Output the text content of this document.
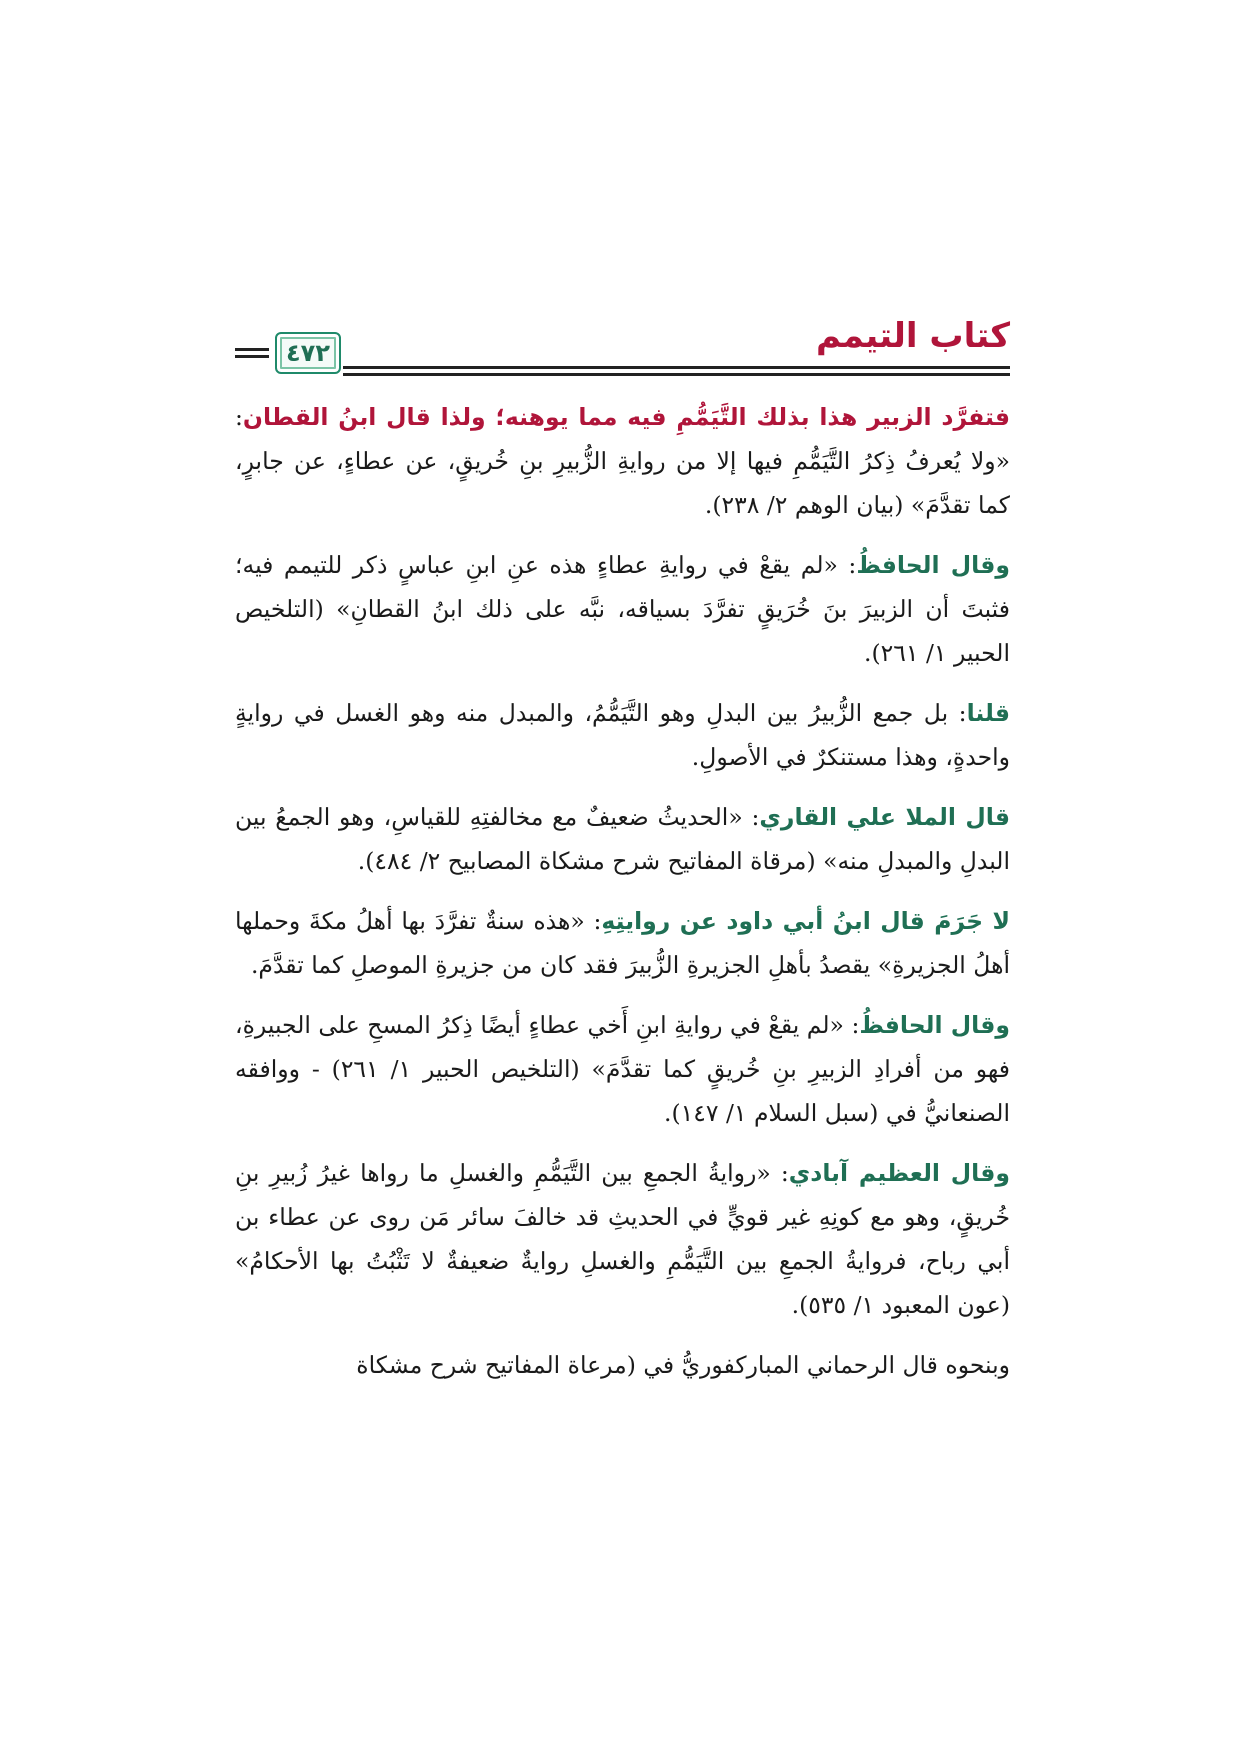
كتاب التيمم
٤٧٢

فتفرَّد الزبير هذا بذلك التَّيَمُّمِ فيه مما يوهنه؛ ولذا قال ابنُ القطان: «ولا يُعرفُ ذِكرُ التَّيَمُّمِ فيها إلا من روايةِ الزُّبيرِ بنِ خُريقٍ، عن عطاءٍ، عن جابرٍ، كما تقدَّمَ» (بيان الوهم ٢/ ٢٣٨).

وقال الحافظُ: «لم يقعْ في روايةِ عطاءٍ هذه عنِ ابنِ عباسٍ ذكر للتيمم فيه؛ فثبتَ أن الزبيرَ بنَ خُرَيقٍ تفرَّدَ بسياقه، نبَّه على ذلك ابنُ القطانِ» (التلخيص الحبير ١/ ٢٦١).

قلنا: بل جمع الزُّبيرُ بين البدلِ وهو التَّيَمُّمُ، والمبدل منه وهو الغسل في روايةٍ واحدةٍ، وهذا مستنكرٌ في الأصولِ.

قال الملا علي القاري: «الحديثُ ضعيفٌ مع مخالفتِهِ للقياسِ، وهو الجمعُ بين البدلِ والمبدلِ منه» (مرقاة المفاتيح شرح مشكاة المصابيح ٢/ ٤٨٤).

لا جَرَمَ قال ابنُ أبي داود عن روايتِهِ: «هذه سنةٌ تفرَّدَ بها أهلُ مكةَ وحملها أهلُ الجزيرةِ» يقصدُ بأهلِ الجزيرةِ الزُّبيرَ فقد كان من جزيرةِ الموصلِ كما تقدَّمَ.

وقال الحافظُ: «لم يقعْ في روايةِ ابنِ أَخي عطاءٍ أيضًا ذِكرُ المسحِ على الجبيرةِ، فهو من أفرادِ الزبيرِ بنِ خُريقٍ كما تقدَّمَ» (التلخيص الحبير ١/ ٢٦١) - ووافقه الصنعانيُّ في (سبل السلام ١/ ١٤٧).

وقال العظيم آبادي: «روايةُ الجمعِ بين التَّيَمُّمِ والغسلِ ما رواها غيرُ زُبيرِ بنِ خُريقٍ، وهو مع كونِهِ غير قويٍّ في الحديثِ قد خالفَ سائر مَن روى عن عطاء بن أبي رباح، فروايةُ الجمعِ بين التَّيَمُّمِ والغسلِ روايةٌ ضعيفةٌ لا تَثْبُتُ بها الأحكامُ» (عون المعبود ١/ ٥٣٥).

وبنحوه قال الرحماني المباركفوريُّ في (مرعاة المفاتيح شرح مشكاة
